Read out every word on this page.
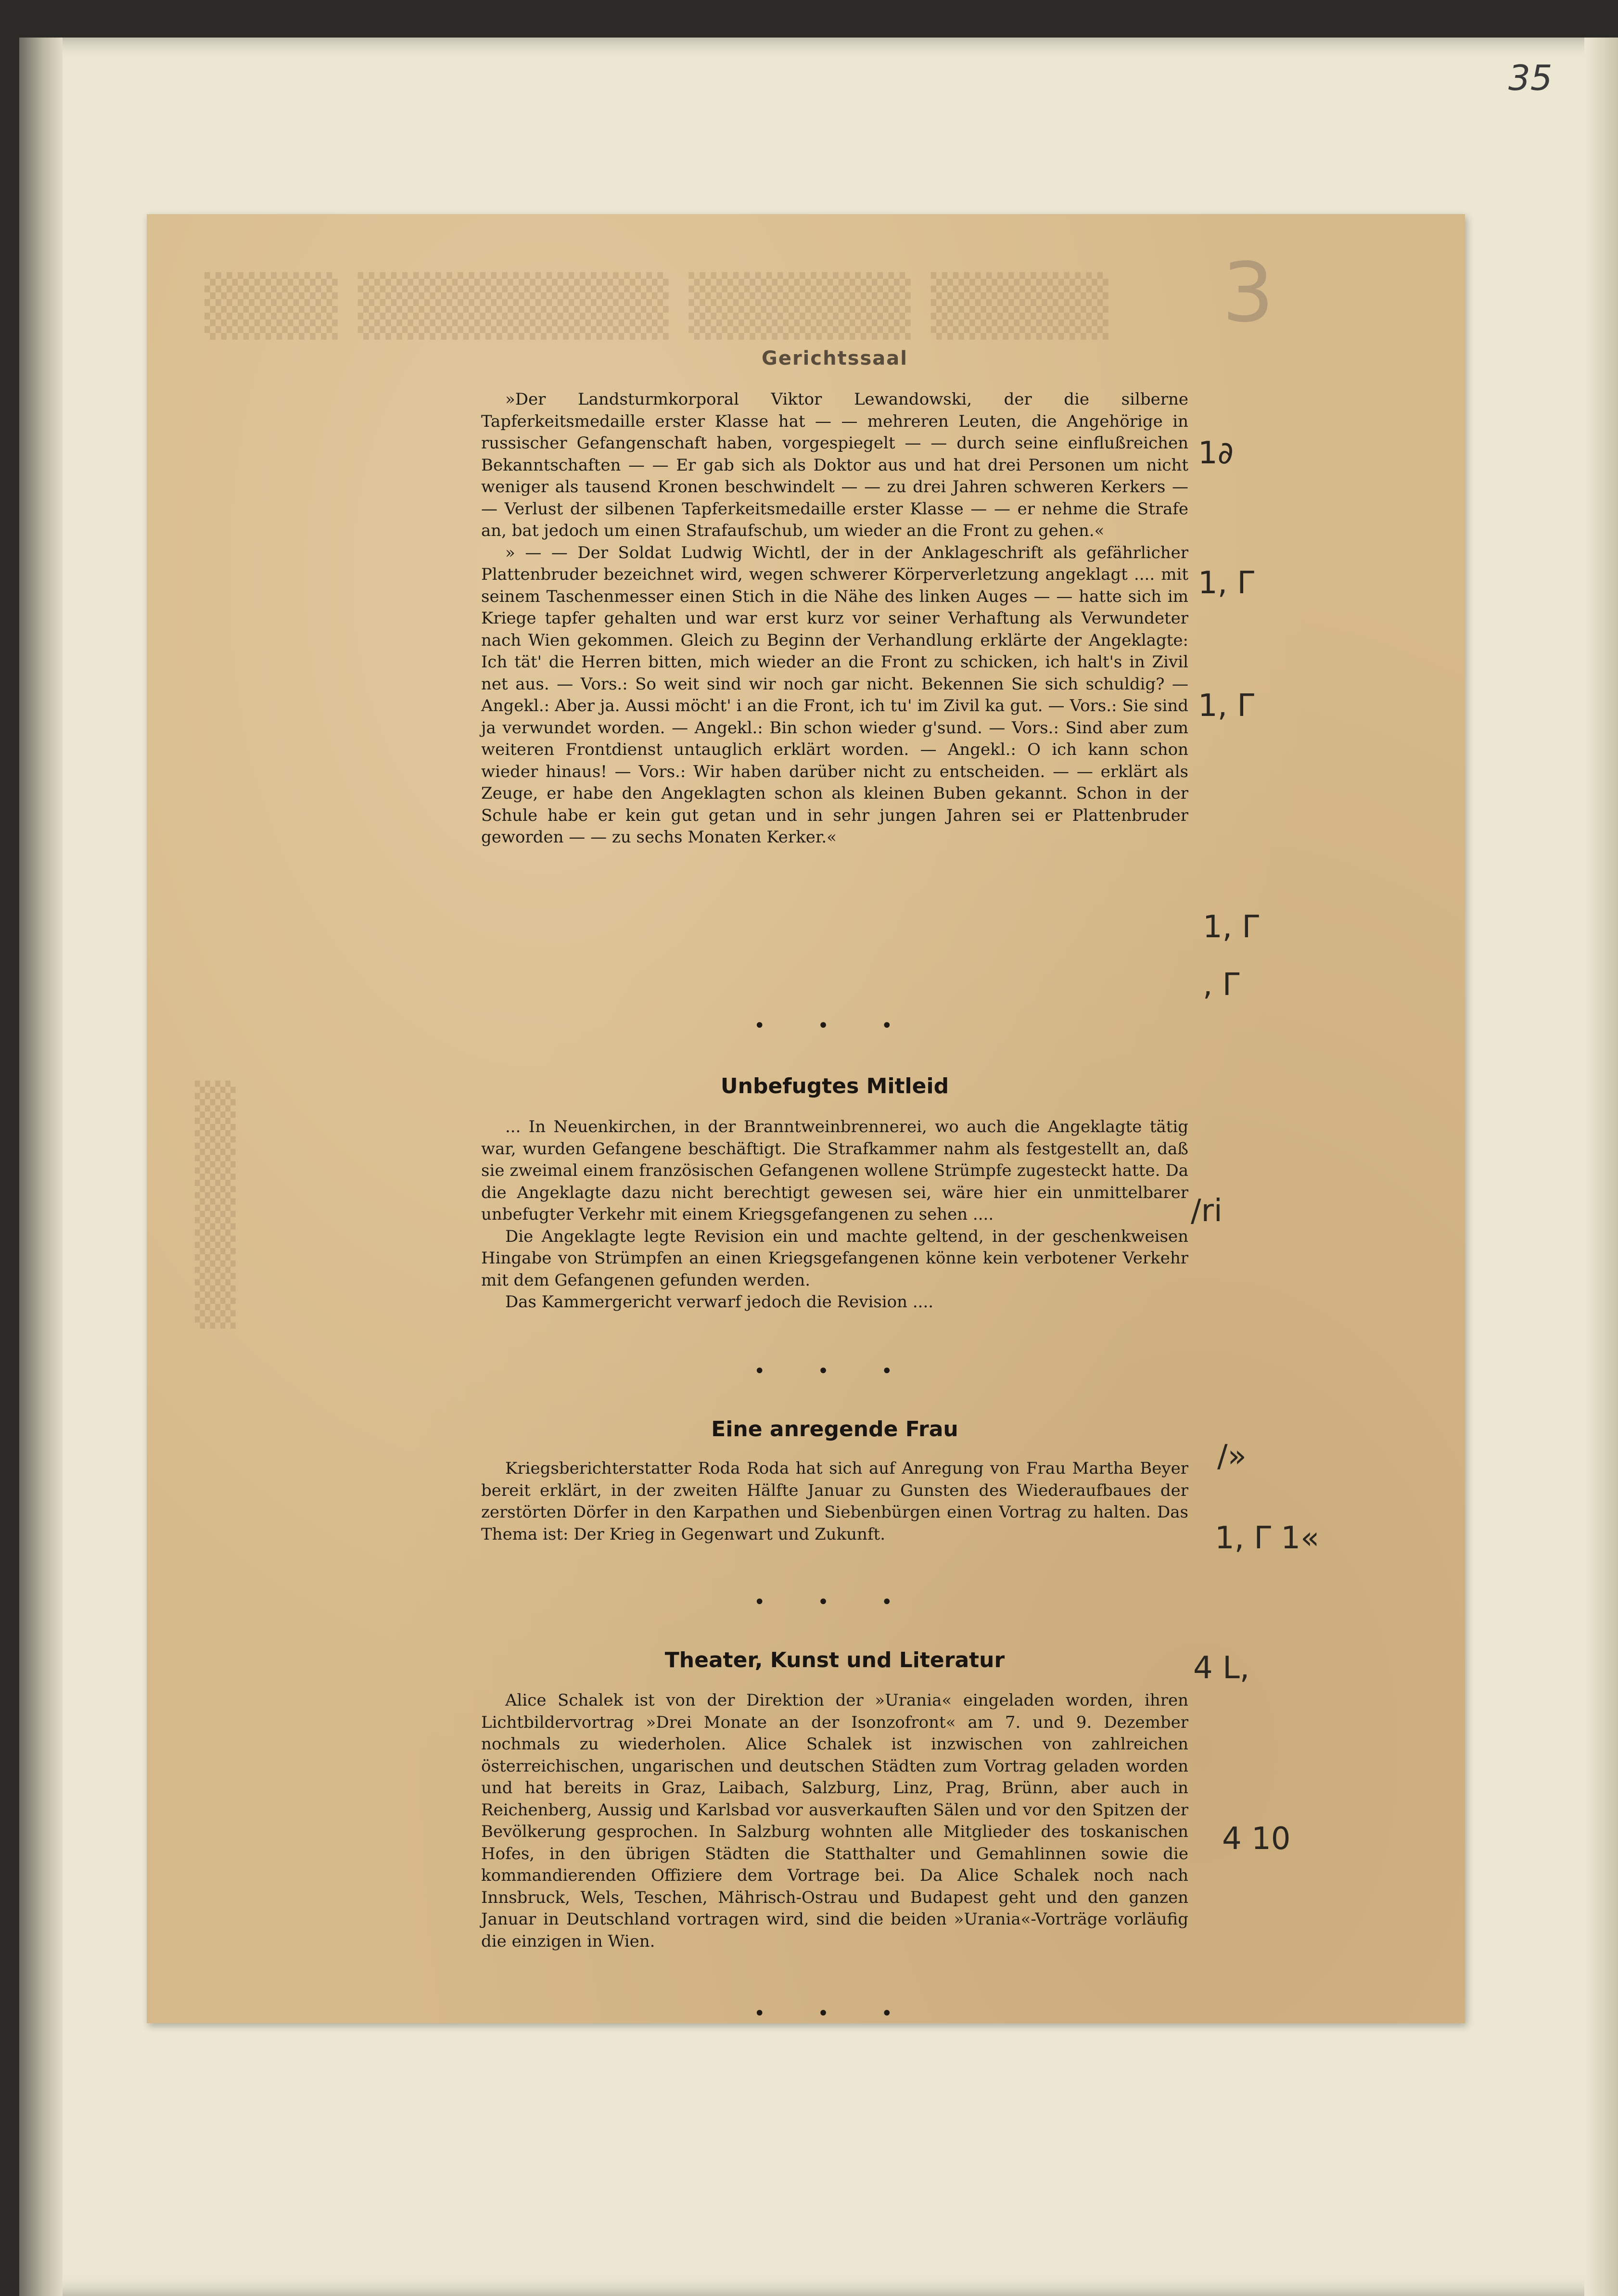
35
▒▒▒ ▒▒▒▒▒▒▒ ▒▒▒▒▒ ▒▒▒▒
▒
▒
▒
▒
3
Gerichtssaal

»Der Landsturmkorporal Viktor Lewandowski, der die silberne Tapferkeitsmedaille erster Klasse hat — — mehreren Leuten, die Angehörige in russischer Gefangenschaft haben, vorgespiegelt — — durch seine einflußreichen Bekanntschaften — — Er gab sich als Doktor aus und hat drei Personen um nicht weniger als tausend Kronen beschwindelt — — zu drei Jahren schweren Kerkers — — Verlust der silbenen Tapferkeitsmedaille erster Klasse — — er nehme die Strafe an, bat jedoch um einen Strafaufschub, um wieder an die Front zu gehen.«

» — — Der Soldat Ludwig Wichtl, der in der Anklageschrift als gefährlicher Plattenbruder bezeichnet wird, wegen schwerer Körperverletzung angeklagt .... mit seinem Taschenmesser einen Stich in die Nähe des linken Auges — — hatte sich im Kriege tapfer gehalten und war erst kurz vor seiner Verhaftung als Verwundeter nach Wien gekommen. Gleich zu Beginn der Verhandlung erklärte der Angeklagte: Ich tät' die Herren bitten, mich wieder an die Front zu schicken, ich halt's in Zivil net aus. — Vors.: So weit sind wir noch gar nicht. Bekennen Sie sich schuldig? — Angekl.: Aber ja. Aussi möcht' i an die Front, ich tu' im Zivil ka gut. — Vors.: Sie sind ja verwundet worden. — Angekl.: Bin schon wieder g'sund. — Vors.: Sind aber zum weiteren Frontdienst untauglich erklärt worden. — Angekl.: O ich kann schon wieder hinaus! — Vors.: Wir haben darüber nicht zu entscheiden. — — erklärt als Zeuge, er habe den Angeklagten schon als kleinen Buben gekannt. Schon in der Schule habe er kein gut getan und in sehr jungen Jahren sei er Plattenbruder geworden — — zu sechs Monaten Kerker.«

• • •
Unbefugtes Mitleid

... In Neuenkirchen, in der Branntweinbrennerei, wo auch die Angeklagte tätig war, wurden Gefangene beschäftigt. Die Strafkammer nahm als festgestellt an, daß sie zweimal einem französischen Gefangenen wollene Strümpfe zugesteckt hatte. Da die Angeklagte dazu nicht berechtigt gewesen sei, wäre hier ein unmittelbarer unbefugter Verkehr mit einem Kriegsgefangenen zu sehen ....

Die Angeklagte legte Revision ein und machte geltend, in der geschenkweisen Hingabe von Strümpfen an einen Kriegsgefangenen könne kein verbotener Verkehr mit dem Gefangenen gefunden werden.

Das Kammergericht verwarf jedoch die Revision ....

• • •
Eine anregende Frau

Kriegsberichterstatter Roda Roda hat sich auf Anregung von Frau Martha Beyer bereit erklärt, in der zweiten Hälfte Januar zu Gunsten des Wiederaufbaues der zerstörten Dörfer in den Karpathen und Siebenbürgen einen Vortrag zu halten. Das Thema ist: Der Krieg in Gegenwart und Zukunft.

• • •
Theater, Kunst und Literatur

Alice Schalek ist von der Direktion der »Urania« eingeladen worden, ihren Lichtbildervortrag »Drei Monate an der Isonzofront« am 7. und 9. Dezember nochmals zu wiederholen. Alice Schalek ist inzwischen von zahlreichen österreichischen, ungarischen und deutschen Städten zum Vortrag geladen worden und hat bereits in Graz, Laibach, Salzburg, Linz, Prag, Brünn, aber auch in Reichenberg, Aussig und Karlsbad vor ausverkauften Sälen und vor den Spitzen der Bevölkerung gesprochen. In Salzburg wohnten alle Mitglieder des toskanischen Hofes, in den übrigen Städten die Statthalter und Gemahlinnen sowie die kommandierenden Offiziere dem Vortrage bei. Da Alice Schalek noch nach Innsbruck, Wels, Teschen, Mährisch-Ostrau und Budapest geht und den ganzen Januar in Deutschland vortragen wird, sind die beiden »Urania«-Vorträge vorläufig die einzigen in Wien.

• • •
1∂
1, Γ
1, Γ
1, Γ
, Γ
/ri
/»
1, Γ 1«
4 L,
4 10
